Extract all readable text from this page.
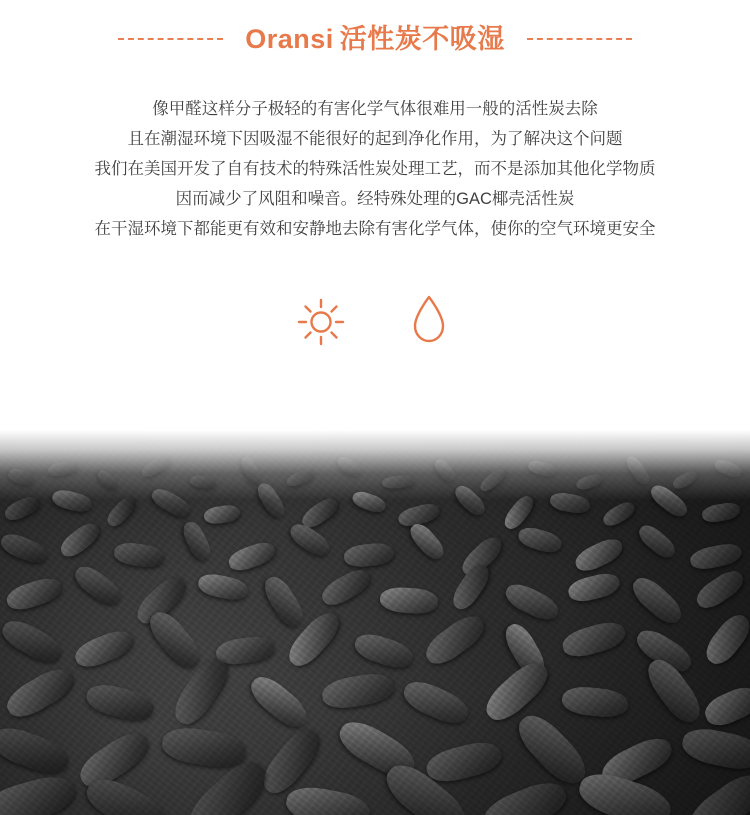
Oransi 活性炭不吸湿

像甲醛这样分子极轻的有害化学气体很难用一般的活性炭去除

且在潮湿环境下因吸湿不能很好的起到净化作用，为了解决这个问题

我们在美国开发了自有技术的特殊活性炭处理工艺，而不是添加其他化学物质

因而减少了风阻和噪音。经特殊处理的GAC椰壳活性炭

在干湿环境下都能更有效和安静地去除有害化学气体，使你的空气环境更安全
